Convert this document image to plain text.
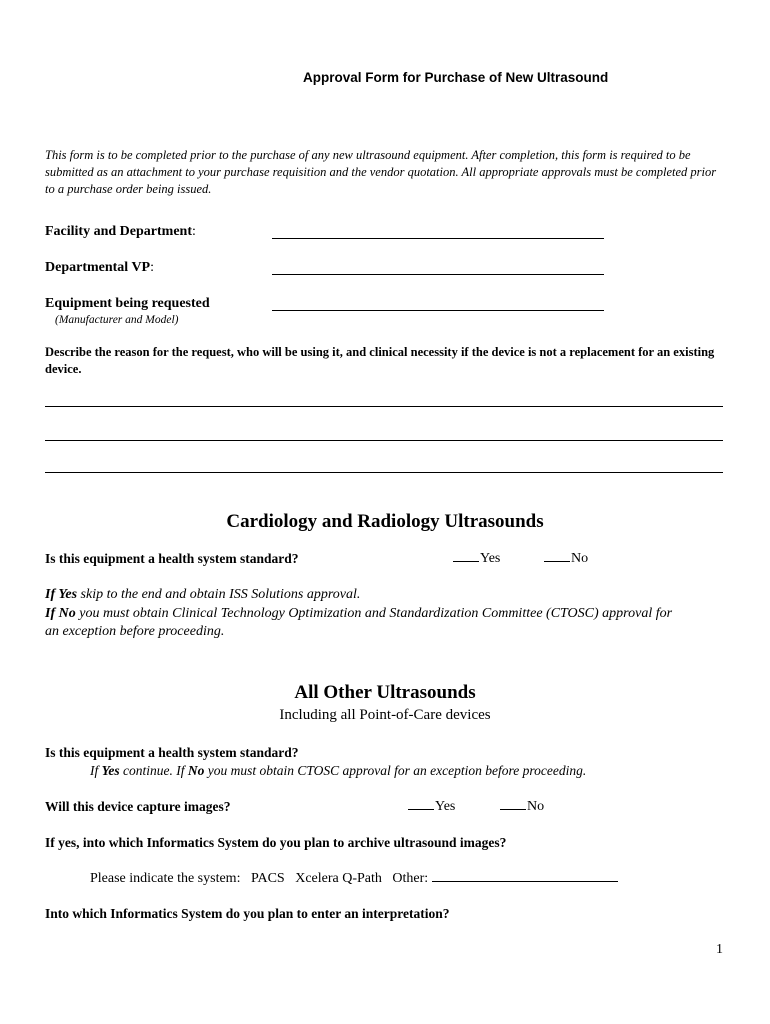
Approval Form for Purchase of New Ultrasound
This form is to be completed prior to the purchase of any new ultrasound equipment. After completion, this form is required to be submitted as an attachment to your purchase requisition and the vendor quotation. All appropriate approvals must be completed prior to a purchase order being issued.
Facility and Department:
Departmental VP:
Equipment being requested
(Manufacturer and Model)
Describe the reason for the request, who will be using it, and clinical necessity if the device is not a replacement for an existing device.
Cardiology and Radiology Ultrasounds
Is this equipment a health system standard?	Yes	No
If Yes skip to the end and obtain ISS Solutions approval.
If No you must obtain Clinical Technology Optimization and Standardization Committee (CTOSC) approval for
an exception before proceeding.
All Other Ultrasounds
Including all Point-of-Care devices
Is this equipment a health system standard?
If Yes continue. If No you must obtain CTOSC approval for an exception before proceeding.
Will this device capture images?	Yes	No
If yes, into which Informatics System do you plan to archive ultrasound images?
Please indicate the system: PACS Xcelera Q-Path Other:
Into which Informatics System do you plan to enter an interpretation?
1
